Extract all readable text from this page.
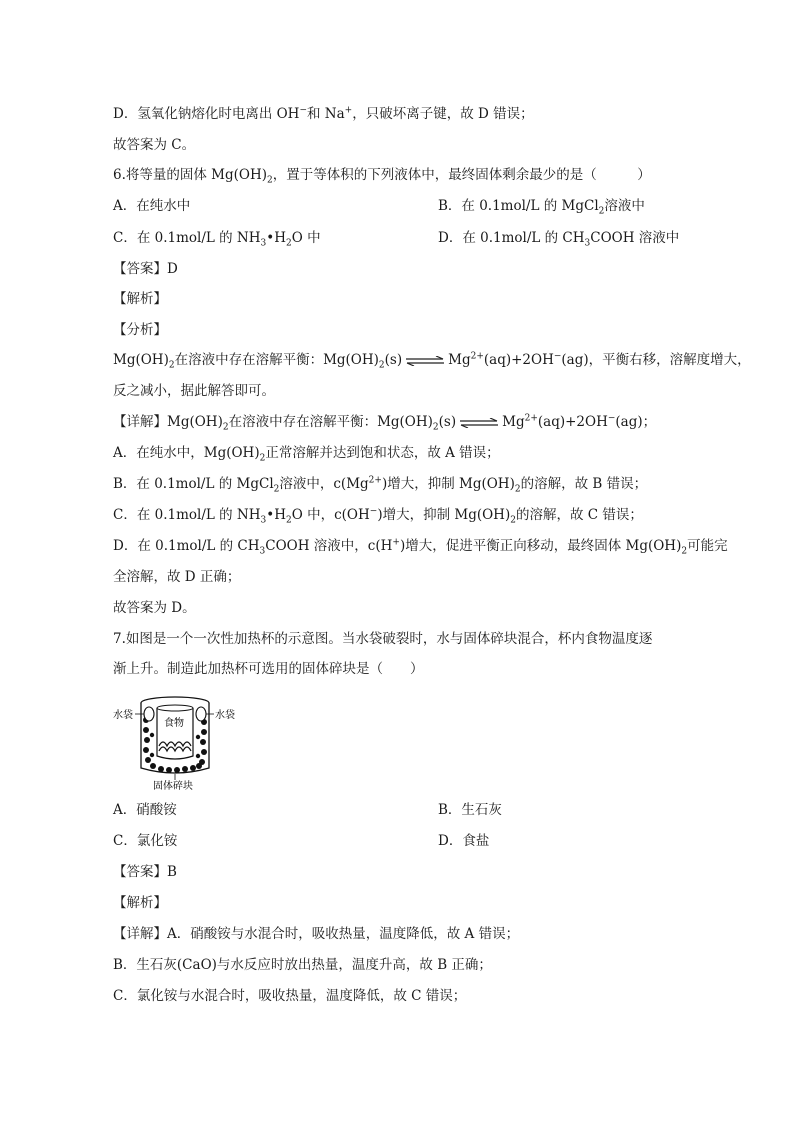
D．氢氧化钠熔化时电离出 OH−和 Na+，只破坏离子键，故 D 错误；
故答案为 C。
6.将等量的固体 $Mg(OH)_2$，置于等体积的下列液体中，最终固体剩余最少的是（　　　）
A．在纯水中	B．在 0.1mol/L 的 MgCl$_2$溶液中
C．在 0.1mol/L 的 $NH_3•H_2O$ 中	D．在 0.1mol/L 的 $CH_3COOH$ 溶液中
【答案】D
【解析】
【分析】
$Mg(OH)_2$在溶液中存在溶解平衡：$Mg(OH)_2(s)$ ⇌ $Mg^{2+}(aq)+2OH^-(ag)$，平衡右移，溶解度增大，
反之减小，据此解答即可。
【详解】$Mg(OH)_2$在溶液中存在溶解平衡：$Mg(OH)_2(s)$ ⇌ $Mg^{2+}(aq)+2OH^-(ag)$；
A．在纯水中，$Mg(OH)_2$正常溶解并达到饱和状态，故 A 错误；
B．在 0.1mol/L 的 MgCl$_2$溶液中，$c(Mg^{2+})$增大，抑制 $Mg(OH)_2$的溶解，故 B 错误；
C．在 0.1mol/L 的 $NH_3•H_2O$ 中，c(OH−)增大，抑制 $Mg(OH)_2$的溶解，故 C 错误；
D．在 0.1mol/L 的 $CH_3COOH$ 溶液中，c(H+)增大，促进平衡正向移动，最终固体 $Mg(OH)_2$可能完
全溶解，故 D 正确；
故答案为 D。
7.如图是一个一次性加热杯的示意图。当水袋破裂时，水与固体碎块混合，杯内食物温度逐
渐上升。制造此加热杯可选用的固体碎块是（　　）
水袋	水袋
食物
固体碎块
A．硝酸铵	B．生石灰
C．氯化铵	D．食盐
【答案】B
【解析】
【详解】A．硝酸铵与水混合时，吸收热量，温度降低，故 A 错误；
B．生石灰(CaO)与水反应时放出热量，温度升高，故 B 正确；
C．氯化铵与水混合时，吸收热量，温度降低，故 C 错误；
